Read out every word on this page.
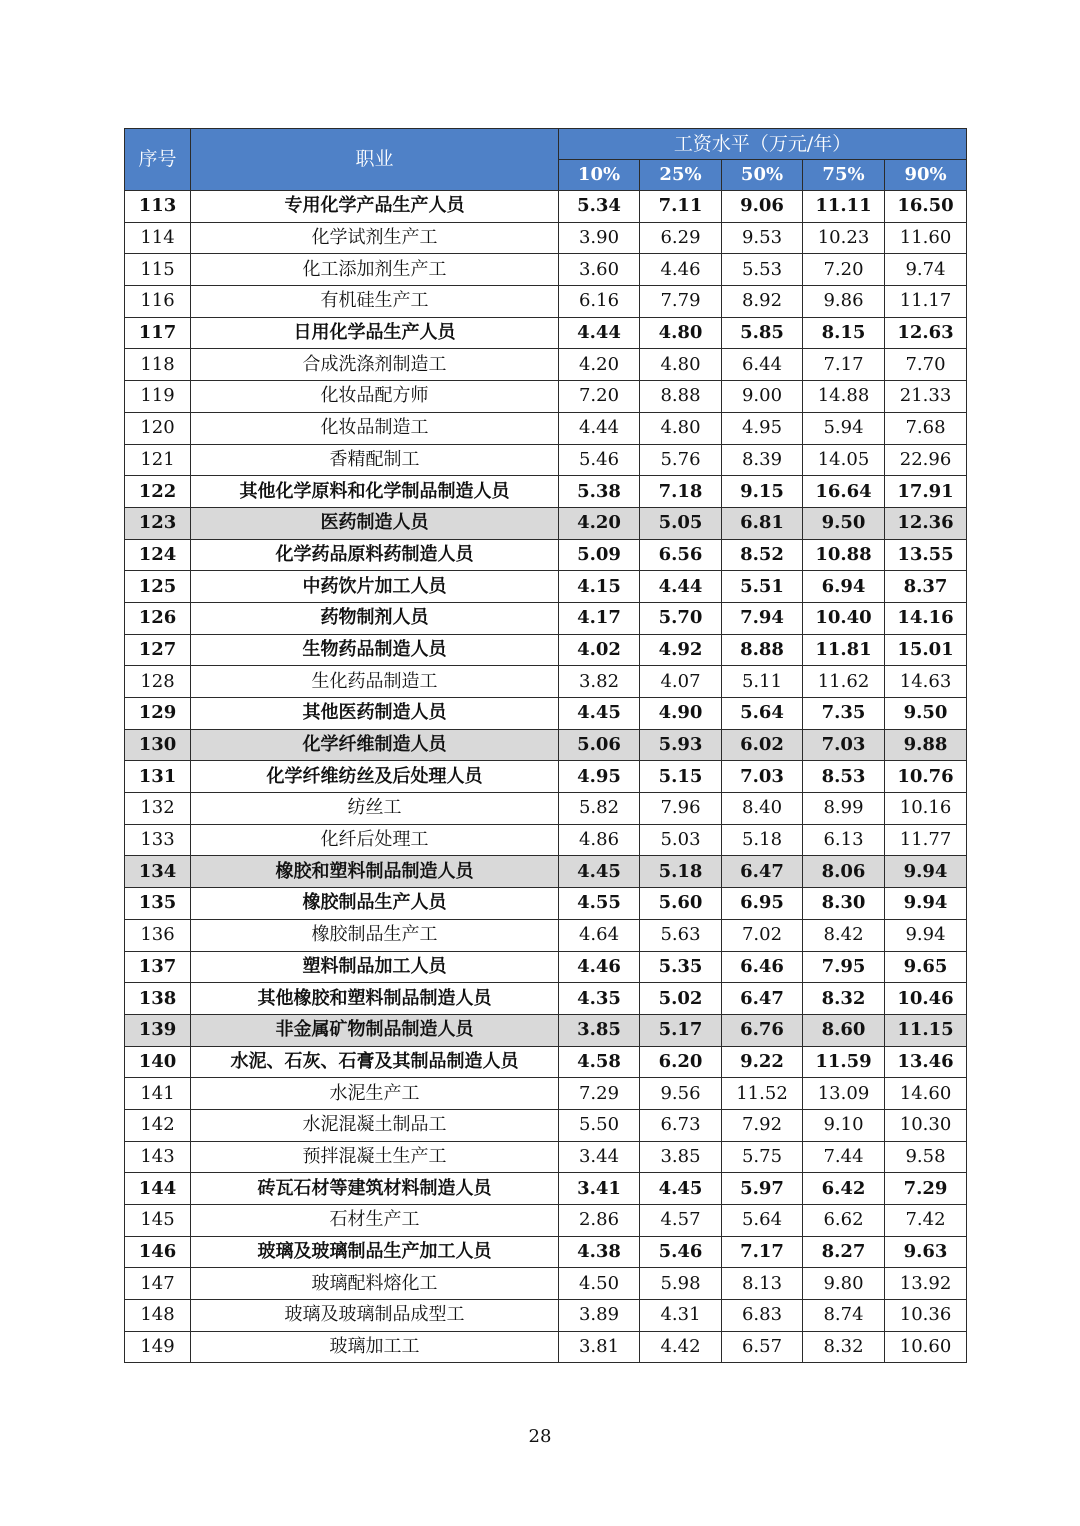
序号	职业	工资水平（万元/年）				
		10%	25%	50%	75%	90%
113	专用化学产品生产人员	5.34	7.11	9.06	11.11	16.50
114	化学试剂生产工	3.90	6.29	9.53	10.23	11.60
115	化工添加剂生产工	3.60	4.46	5.53	7.20	9.74
116	有机硅生产工	6.16	7.79	8.92	9.86	11.17
117	日用化学品生产人员	4.44	4.80	5.85	8.15	12.63
118	合成洗涤剂制造工	4.20	4.80	6.44	7.17	7.70
119	化妆品配方师	7.20	8.88	9.00	14.88	21.33
120	化妆品制造工	4.44	4.80	4.95	5.94	7.68
121	香精配制工	5.46	5.76	8.39	14.05	22.96
122	其他化学原料和化学制品制造人员	5.38	7.18	9.15	16.64	17.91
123	医药制造人员	4.20	5.05	6.81	9.50	12.36
124	化学药品原料药制造人员	5.09	6.56	8.52	10.88	13.55
125	中药饮片加工人员	4.15	4.44	5.51	6.94	8.37
126	药物制剂人员	4.17	5.70	7.94	10.40	14.16
127	生物药品制造人员	4.02	4.92	8.88	11.81	15.01
128	生化药品制造工	3.82	4.07	5.11	11.62	14.63
129	其他医药制造人员	4.45	4.90	5.64	7.35	9.50
130	化学纤维制造人员	5.06	5.93	6.02	7.03	9.88
131	化学纤维纺丝及后处理人员	4.95	5.15	7.03	8.53	10.76
132	纺丝工	5.82	7.96	8.40	8.99	10.16
133	化纤后处理工	4.86	5.03	5.18	6.13	11.77
134	橡胶和塑料制品制造人员	4.45	5.18	6.47	8.06	9.94
135	橡胶制品生产人员	4.55	5.60	6.95	8.30	9.94
136	橡胶制品生产工	4.64	5.63	7.02	8.42	9.94
137	塑料制品加工人员	4.46	5.35	6.46	7.95	9.65
138	其他橡胶和塑料制品制造人员	4.35	5.02	6.47	8.32	10.46
139	非金属矿物制品制造人员	3.85	5.17	6.76	8.60	11.15
140	水泥、石灰、石膏及其制品制造人员	4.58	6.20	9.22	11.59	13.46
141	水泥生产工	7.29	9.56	11.52	13.09	14.60
142	水泥混凝土制品工	5.50	6.73	7.92	9.10	10.30
143	预拌混凝土生产工	3.44	3.85	5.75	7.44	9.58
144	砖瓦石材等建筑材料制造人员	3.41	4.45	5.97	6.42	7.29
145	石材生产工	2.86	4.57	5.64	6.62	7.42
146	玻璃及玻璃制品生产加工人员	4.38	5.46	7.17	8.27	9.63
147	玻璃配料熔化工	4.50	5.98	8.13	9.80	13.92
148	玻璃及玻璃制品成型工	3.89	4.31	6.83	8.74	10.36
149	玻璃加工工	3.81	4.42	6.57	8.32	10.60
28
